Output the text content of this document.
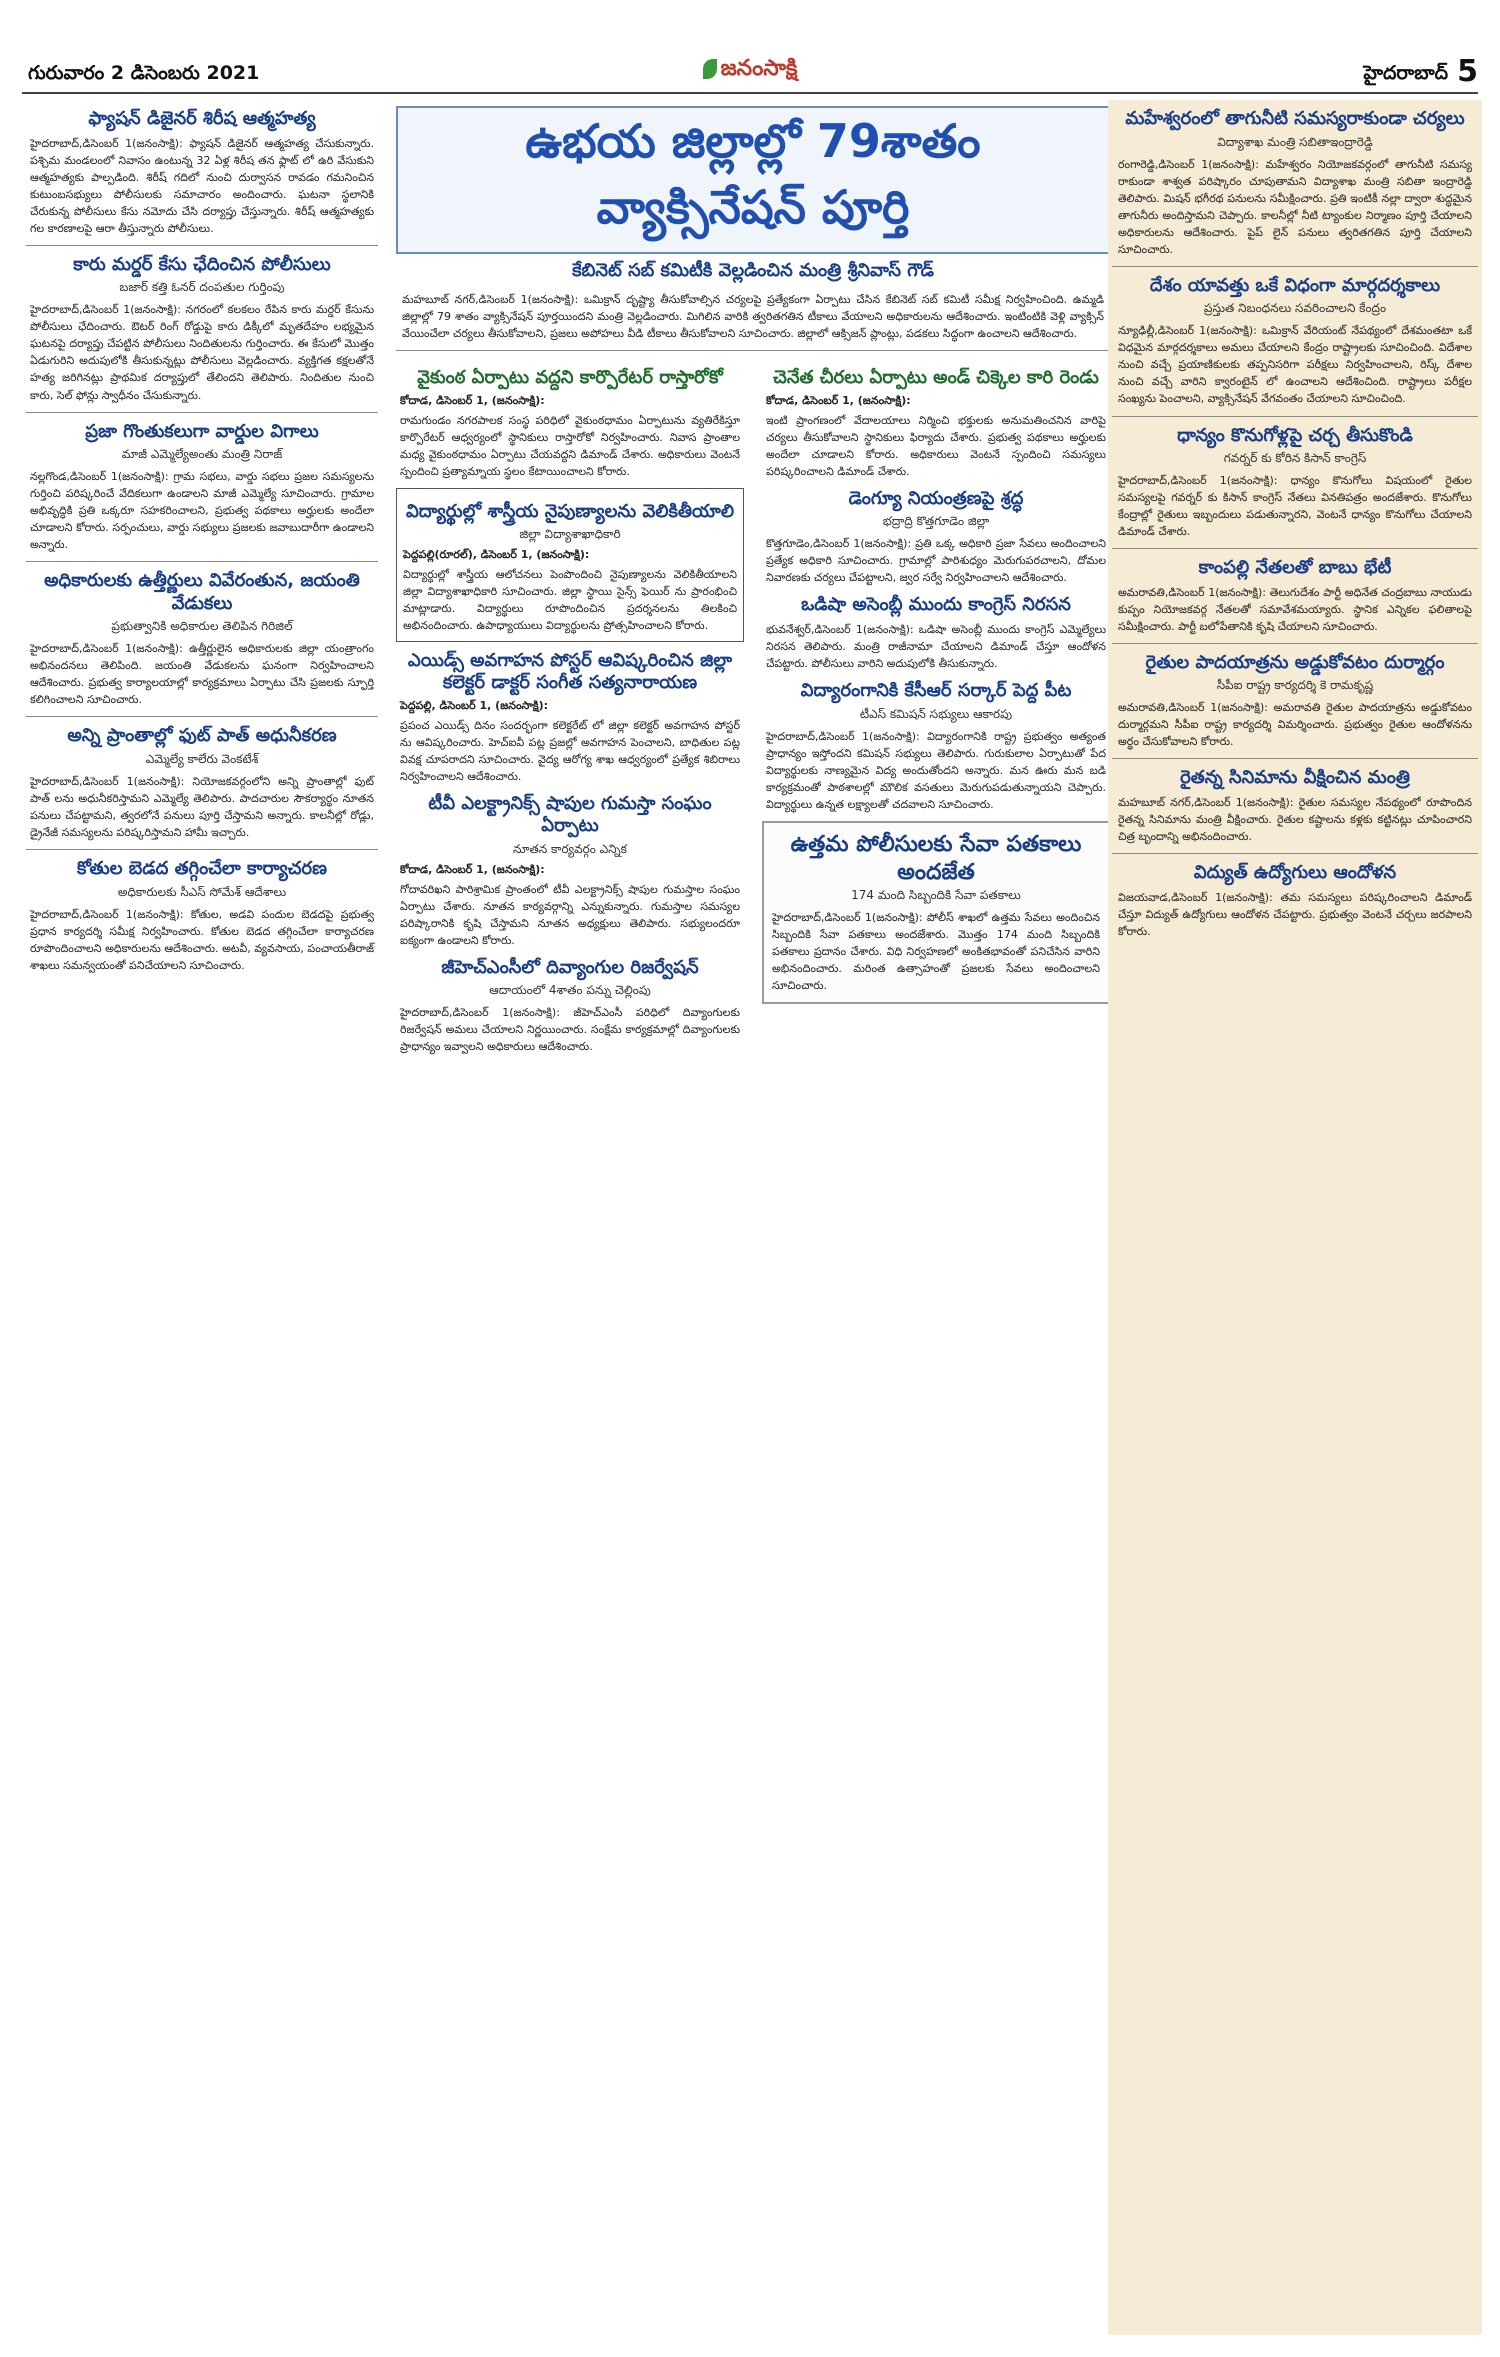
గురువారం 2 డిసెంబరు 2021	జనంసాక్షి	హైదరాబాద్ 5
ఫ్యాషన్ డిజైనర్ శిరీష ఆత్మహత్య
హైదరాబాద్,డిసెంబర్ 1(జనంసాక్షి): ఫ్యాషన్ డిజైనర్ ఆత్మహత్య చేసుకున్నారు. పశ్చిమ మండలంలో నివాసం ఉంటున్న 32 ఏళ్ల శిరీష తన ఫ్లాట్ లో ఉరి వేసుకుని ఆత్మహత్యకు పాల్పడింది. శిరీష్ గదిలో నుంచి దుర్వాసన రావడం గమనించిన కుటుంబసభ్యులు పోలీసులకు సమాచారం అందించారు. ఘటనా స్థలానికి చేరుకున్న పోలీసులు కేసు నమోదు చేసి దర్యాప్తు చేస్తున్నారు. శిరీష్ ఆత్మహత్యకు గల కారణాలపై ఆరా తీస్తున్నారు పోలీసులు.
కారు మర్డర్ కేసు ఛేదించిన పోలీసులు
బజార్ కత్తి ఓనర్ దంపతుల గుర్తింపు
హైదరాబాద్,డిసెంబర్ 1(జనంసాక్షి): నగరంలో కలకలం రేపిన కారు మర్డర్ కేసును పోలీసులు ఛేదించారు. ఔటర్ రింగ్ రోడ్డుపై కారు డిక్కీలో మృతదేహం లభ్యమైన ఘటనపై దర్యాప్తు చేపట్టిన పోలీసులు నిందితులను గుర్తించారు. ఈ కేసులో మొత్తం ఏడుగురిని అదుపులోకి తీసుకున్నట్లు పోలీసులు వెల్లడించారు. వ్యక్తిగత కక్షలతోనే హత్య జరిగినట్లు ప్రాథమిక దర్యాప్తులో తేలిందని తెలిపారు. నిందితుల నుంచి కారు, సెల్ ఫోన్లు స్వాధీనం చేసుకున్నారు.
ప్రజా గొంతుకలుగా వార్డుల విగాలు
మాజీ ఎమ్మెల్యేఅంతు మంత్రి నిరాజ్
నల్లగొండ,డిసెంబర్ 1(జనంసాక్షి): గ్రామ సభలు, వార్డు సభలు ప్రజల సమస్యలను గుర్తించి పరిష్కరించే వేదికలుగా ఉండాలని మాజీ ఎమ్మెల్యే సూచించారు. గ్రామాల అభివృద్ధికి ప్రతి ఒక్కరూ సహకరించాలని, ప్రభుత్వ పథకాలు అర్హులకు అందేలా చూడాలని కోరారు. సర్పంచులు, వార్డు సభ్యులు ప్రజలకు జవాబుదారీగా ఉండాలని అన్నారు.
అధికారులకు ఉత్తీర్ణులు వివేరంతున, జయంతి వేడుకలు
ప్రభుత్వానికి అధికారుల తెలిపిన గిరిజిల్
హైదరాబాద్,డిసెంబర్ 1(జనంసాక్షి): ఉత్తీర్ణులైన అధికారులకు జిల్లా యంత్రాంగం అభినందనలు తెలిపింది. జయంతి వేడుకలను ఘనంగా నిర్వహించాలని ఆదేశించారు. ప్రభుత్వ కార్యాలయాల్లో కార్యక్రమాలు ఏర్పాటు చేసి ప్రజలకు స్ఫూర్తి కలిగించాలని సూచించారు.
అన్ని ప్రాంతాల్లో ఫుట్ పాత్ అధునీకరణ
ఎమ్మెల్యే కాలేరు వెంకటేశ్
హైదరాబాద్,డిసెంబర్ 1(జనంసాక్షి): నియోజకవర్గంలోని అన్ని ప్రాంతాల్లో ఫుట్ పాత్ లను అధునీకరిస్తామని ఎమ్మెల్యే తెలిపారు. పాదచారుల సౌకర్యార్థం నూతన పనులు చేపట్టామని, త్వరలోనే పనులు పూర్తి చేస్తామని అన్నారు. కాలనీల్లో రోడ్లు, డ్రైనేజీ సమస్యలను పరిష్కరిస్తామని హామీ ఇచ్చారు.
కోతుల బెడద తగ్గించేలా కార్యాచరణ
అధికారులకు సీఎస్ సోమేశ్ ఆదేశాలు
హైదరాబాద్,డిసెంబర్ 1(జనంసాక్షి): కోతుల, అడవి పందుల బెడదపై ప్రభుత్వ ప్రధాన కార్యదర్శి సమీక్ష నిర్వహించారు. కోతుల బెడద తగ్గించేలా కార్యాచరణ రూపొందించాలని అధికారులను ఆదేశించారు. అటవీ, వ్యవసాయ, పంచాయతీరాజ్ శాఖలు సమన్వయంతో పనిచేయాలని సూచించారు.
ఉభయ జిల్లాల్లో 79శాతం వ్యాక్సినేషన్ పూర్తి
కేబినెట్ సబ్ కమిటీకి వెల్లడించిన మంత్రి శ్రీనివాస్ గౌడ్
మహబూబ్ నగర్,డిసెంబర్ 1(జనంసాక్షి): ఒమిక్రాన్ దృష్ట్యా తీసుకోవాల్సిన చర్యలపై ప్రత్యేకంగా ఏర్పాటు చేసిన కేబినెట్ సబ్ కమిటీ సమీక్ష నిర్వహించింది. ఉమ్మడి జిల్లాల్లో 79 శాతం వ్యాక్సినేషన్ పూర్తయిందని మంత్రి వెల్లడించారు. మిగిలిన వారికి త్వరితగతిన టీకాలు వేయాలని అధికారులను ఆదేశించారు. ఇంటింటికి వెళ్లి వ్యాక్సిన్ వేయించేలా చర్యలు తీసుకోవాలని, ప్రజలు అపోహలు వీడి టీకాలు తీసుకోవాలని సూచించారు. జిల్లాలో ఆక్సిజన్ ప్లాంట్లు, పడకలు సిద్ధంగా ఉంచాలని ఆదేశించారు.
వైకుంఠ ఏర్పాటు వద్దని కార్పొరేటర్ రాస్తారోకో
కోదాడ, డిసెంబర్ 1, (జనంసాక్షి):
రామగుండం నగరపాలక సంస్థ పరిధిలో వైకుంఠధామం ఏర్పాటును వ్యతిరేకిస్తూ కార్పొరేటర్ ఆధ్వర్యంలో స్థానికులు రాస్తారోకో నిర్వహించారు. నివాస ప్రాంతాల మధ్య వైకుంఠధామం ఏర్పాటు చేయవద్దని డిమాండ్ చేశారు. అధికారులు వెంటనే స్పందించి ప్రత్యామ్నాయ స్థలం కేటాయించాలని కోరారు.
విద్యార్థుల్లో శాస్త్రీయ నైపుణ్యాలను వెలికితీయాలి
జిల్లా విద్యాశాఖాధికారి
పెద్దపల్లి(రూరల్), డిసెంబర్ 1, (జనంసాక్షి):
విద్యార్థుల్లో శాస్త్రీయ ఆలోచనలు పెంపొందించి నైపుణ్యాలను వెలికితీయాలని జిల్లా విద్యాశాఖాధికారి సూచించారు. జిల్లా స్థాయి సైన్స్ ఫెయిర్ ను ప్రారంభించి మాట్లాడారు. విద్యార్థులు రూపొందించిన ప్రదర్శనలను తిలకించి అభినందించారు. ఉపాధ్యాయులు విద్యార్థులను ప్రోత్సహించాలని కోరారు.
ఎయిడ్స్ అవగాహన పోస్టర్ ఆవిష్కరించిన జిల్లా కలెక్టర్ డాక్టర్ సంగీత సత్యనారాయణ
పెద్దపల్లి, డిసెంబర్ 1, (జనంసాక్షి):
ప్రపంచ ఎయిడ్స్ దినం సందర్భంగా కలెక్టరేట్ లో జిల్లా కలెక్టర్ అవగాహన పోస్టర్ ను ఆవిష్కరించారు. హెచ్ఐవీ పట్ల ప్రజల్లో అవగాహన పెంచాలని, బాధితుల పట్ల వివక్ష చూపరాదని సూచించారు. వైద్య ఆరోగ్య శాఖ ఆధ్వర్యంలో ప్రత్యేక శిబిరాలు నిర్వహించాలని ఆదేశించారు.
టీవీ ఎలక్ట్రానిక్స్ షాపుల గుమస్తా సంఘం ఏర్పాటు
నూతన కార్యవర్గం ఎన్నిక
కోదాడ, డిసెంబర్ 1, (జనంసాక్షి):
గోదావరిఖని పారిశ్రామిక ప్రాంతంలో టీవీ ఎలక్ట్రానిక్స్ షాపుల గుమస్తాల సంఘం ఏర్పాటు చేశారు. నూతన కార్యవర్గాన్ని ఎన్నుకున్నారు. గుమస్తాల సమస్యల పరిష్కారానికి కృషి చేస్తామని నూతన అధ్యక్షులు తెలిపారు. సభ్యులందరూ ఐక్యంగా ఉండాలని కోరారు.
జీహెచ్ఎంసీలో దివ్యాంగుల రిజర్వేషన్
ఆదాయంలో 4శాతం పన్ను చెల్లింపు
హైదరాబాద్,డిసెంబర్ 1(జనంసాక్షి): జీహెచ్ఎంసీ పరిధిలో దివ్యాంగులకు రిజర్వేషన్ అమలు చేయాలని నిర్ణయించారు. సంక్షేమ కార్యక్రమాల్లో దివ్యాంగులకు ప్రాధాన్యం ఇవ్వాలని అధికారులు ఆదేశించారు.
చెనేత చీరలు ఏర్పాటు అండ్ చిక్కెల కారి రెండు
కోదాడ, డిసెంబర్ 1, (జనంసాక్షి):
ఇంటి ప్రాంగణంలో వేదాలయాలు నిర్మించి భక్తులకు అనుమతించనిన వారిపై చర్యలు తీసుకోవాలని స్థానికులు ఫిర్యాదు చేశారు. ప్రభుత్వ పథకాలు అర్హులకు అందేలా చూడాలని కోరారు. అధికారులు వెంటనే స్పందించి సమస్యలు పరిష్కరించాలని డిమాండ్ చేశారు.
డెంగ్యూ నియంత్రణపై శ్రద్ధ
భద్రాద్రి కొత్తగూడెం జిల్లా
కొత్తగూడెం,డిసెంబర్ 1(జనంసాక్షి): ప్రతి ఒక్క అధికారి ప్రజా సేవలు అందించాలని ప్రత్యేక అధికారి సూచించారు. గ్రామాల్లో పారిశుధ్యం మెరుగుపరచాలని, దోమల నివారణకు చర్యలు చేపట్టాలని, జ్వర సర్వే నిర్వహించాలని ఆదేశించారు.
ఒడిషా అసెంబ్లీ ముందు కాంగ్రెస్ నిరసన
భువనేశ్వర్,డిసెంబర్ 1(జనంసాక్షి): ఒడిషా అసెంబ్లీ ముందు కాంగ్రెస్ ఎమ్మెల్యేలు నిరసన తెలిపారు. మంత్రి రాజీనామా చేయాలని డిమాండ్ చేస్తూ ఆందోళన చేపట్టారు. పోలీసులు వారిని అదుపులోకి తీసుకున్నారు.
విద్యారంగానికి కేసీఆర్ సర్కార్ పెద్ద పీట
టీఎస్ కమిషన్ సభ్యులు ఆకారపు
హైదరాబాద్,డిసెంబర్ 1(జనంసాక్షి): విద్యారంగానికి రాష్ట్ర ప్రభుత్వం అత్యంత ప్రాధాన్యం ఇస్తోందని కమిషన్ సభ్యులు తెలిపారు. గురుకులాల ఏర్పాటుతో పేద విద్యార్థులకు నాణ్యమైన విద్య అందుతోందని అన్నారు. మన ఊరు మన బడి కార్యక్రమంతో పాఠశాలల్లో మౌలిక వసతులు మెరుగుపడుతున్నాయని చెప్పారు. విద్యార్థులు ఉన్నత లక్ష్యాలతో చదవాలని సూచించారు.
ఉత్తమ పోలీసులకు సేవా పతకాలు అందజేత
174 మంది సిబ్బందికి సేవా పతకాలు
హైదరాబాద్,డిసెంబర్ 1(జనంసాక్షి): పోలీస్ శాఖలో ఉత్తమ సేవలు అందించిన సిబ్బందికి సేవా పతకాలు అందజేశారు. మొత్తం 174 మంది సిబ్బందికి పతకాలు ప్రదానం చేశారు. విధి నిర్వహణలో అంకితభావంతో పనిచేసిన వారిని అభినందించారు. మరింత ఉత్సాహంతో ప్రజలకు సేవలు అందించాలని సూచించారు.
మహేశ్వరంలో తాగునీటి సమస్యరాకుండా చర్యలు
విద్యాశాఖ మంత్రి సబితాఇంద్రారెడ్డి
రంగారెడ్డి,డిసెంబర్ 1(జనంసాక్షి): మహేశ్వరం నియోజకవర్గంలో తాగునీటి సమస్య రాకుండా శాశ్వత పరిష్కారం చూపుతామని విద్యాశాఖ మంత్రి సబితా ఇంద్రారెడ్డి తెలిపారు. మిషన్ భగీరథ పనులను సమీక్షించారు. ప్రతి ఇంటికీ నల్లా ద్వారా శుద్ధమైన తాగునీరు అందిస్తామని చెప్పారు. కాలనీల్లో నీటి ట్యాంకుల నిర్మాణం పూర్తి చేయాలని అధికారులను ఆదేశించారు. పైప్ లైన్ పనులు త్వరితగతిన పూర్తి చేయాలని సూచించారు.
దేశం యావత్తు ఒకే విధంగా మార్గదర్శకాలు
ప్రస్తుత నిబంధనలు సవరించాలని కేంద్రం
న్యూఢిల్లీ,డిసెంబర్ 1(జనంసాక్షి): ఒమిక్రాన్ వేరియంట్ నేపథ్యంలో దేశమంతటా ఒకే విధమైన మార్గదర్శకాలు అమలు చేయాలని కేంద్రం రాష్ట్రాలకు సూచించింది. విదేశాల నుంచి వచ్చే ప్రయాణికులకు తప్పనిసరిగా పరీక్షలు నిర్వహించాలని, రిస్క్ దేశాల నుంచి వచ్చే వారిని క్వారంటైన్ లో ఉంచాలని ఆదేశించింది. రాష్ట్రాలు పరీక్షల సంఖ్యను పెంచాలని, వ్యాక్సినేషన్ వేగవంతం చేయాలని సూచించింది.
ధాన్యం కొనుగోళ్లపై చర్చ తీసుకొండి
గవర్నర్ కు కోరిన కిసాన్ కాంగ్రెస్
హైదరాబాద్,డిసెంబర్ 1(జనంసాక్షి): ధాన్యం కొనుగోలు విషయంలో రైతుల సమస్యలపై గవర్నర్ కు కిసాన్ కాంగ్రెస్ నేతలు వినతిపత్రం అందజేశారు. కొనుగోలు కేంద్రాల్లో రైతులు ఇబ్బందులు పడుతున్నారని, వెంటనే ధాన్యం కొనుగోలు చేయాలని డిమాండ్ చేశారు.
కాంపల్లి నేతలతో బాబు భేటీ
అమరావతి,డిసెంబర్ 1(జనంసాక్షి): తెలుగుదేశం పార్టీ అధినేత చంద్రబాబు నాయుడు కుప్పం నియోజకవర్గ నేతలతో సమావేశమయ్యారు. స్థానిక ఎన్నికల ఫలితాలపై సమీక్షించారు. పార్టీ బలోపేతానికి కృషి చేయాలని సూచించారు.
రైతుల పాదయాత్రను అడ్డుకోవటం దుర్మార్గం
సీపీఐ రాష్ట్ర కార్యదర్శి కె రామకృష్ణ
అమరావతి,డిసెంబర్ 1(జనంసాక్షి): అమరావతి రైతుల పాదయాత్రను అడ్డుకోవటం దుర్మార్గమని సీపీఐ రాష్ట్ర కార్యదర్శి విమర్శించారు. ప్రభుత్వం రైతుల ఆందోళనను అర్థం చేసుకోవాలని కోరారు.
రైతన్న సినిమాను వీక్షించిన మంత్రి
మహబూబ్ నగర్,డిసెంబర్ 1(జనంసాక్షి): రైతుల సమస్యల నేపథ్యంలో రూపొందిన రైతన్న సినిమాను మంత్రి వీక్షించారు. రైతుల కష్టాలను కళ్లకు కట్టినట్లు చూపించారని చిత్ర బృందాన్ని అభినందించారు.
విద్యుత్ ఉద్యోగులు ఆందోళన
విజయవాడ,డిసెంబర్ 1(జనంసాక్షి): తమ సమస్యలు పరిష్కరించాలని డిమాండ్ చేస్తూ విద్యుత్ ఉద్యోగులు ఆందోళన చేపట్టారు. ప్రభుత్వం వెంటనే చర్చలు జరపాలని కోరారు.
